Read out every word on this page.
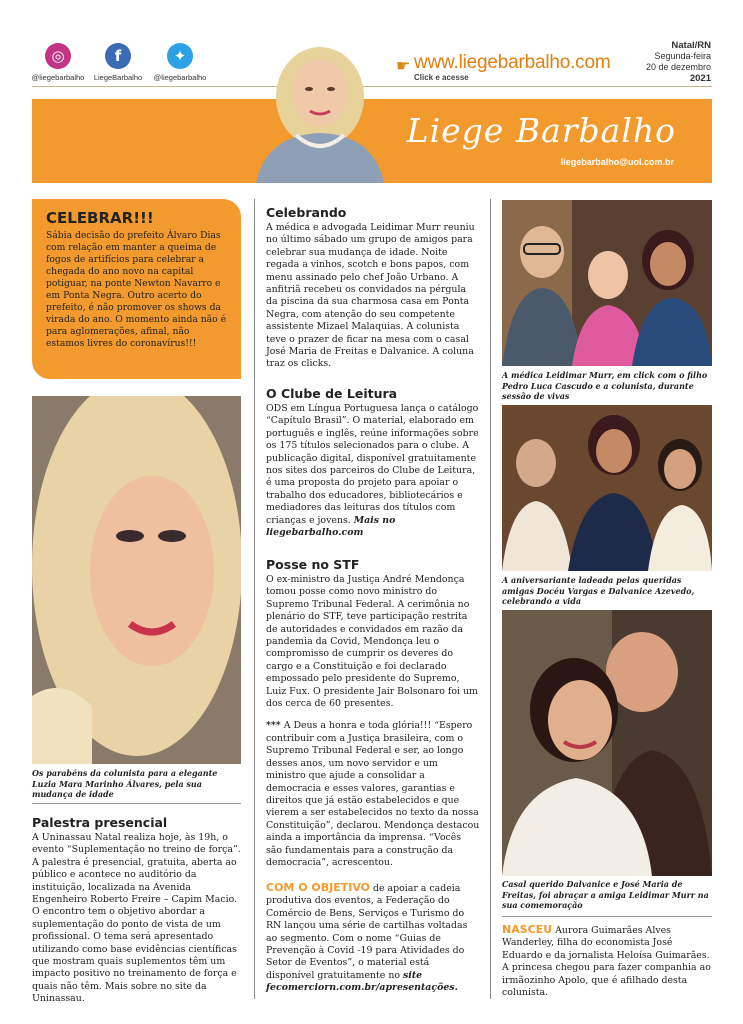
◎
@liegebarbalho
f
LiegeBarbalho
✦
@liegebarbalho
☛ www.liegebarbalho.com
Click e acesse
Natal/RN
Segunda-feira
20 de dezembro
2021
Liege Barbalho
liegebarbalho@uol.com.br
CELEBRAR!!!

Sábia decisão do prefeito Álvaro Dias com relação em manter a queima de fogos de artifícios para celebrar a chegada do ano novo na capital potiguar, na ponte Newton Navarro e em Ponta Negra. Outro acerto do prefeito, é não promover os shows da virada do ano. O momento ainda não é para aglomerações, afinal, não estamos livres do coronavírus!!!

Os parabéns da colunista para a elegante Luzia Mara Marinho Álvares, pela sua mudança de idade
Palestra presencial
A Uninassau Natal realiza hoje, às 19h, o evento “Suplementação no treino de força”. A palestra é presencial, gratuita, aberta ao público e acontece no auditório da instituição, localizada na Avenida Engenheiro Roberto Freire – Capim Macio. O encontro tem o objetivo abordar a suplementação do ponto de vista de um profissional. O tema será apresentado utilizando como base evidências científicas que mostram quais suplementos têm um impacto positivo no treinamento de força e quais não têm. Mais sobre no site da Uninassau.
Celebrando
A médica e advogada Leidimar Murr reuniu no último sábado um grupo de amigos para celebrar sua mudança de idade. Noite regada a vinhos, scotch e bons papos, com menu assinado pelo chef João Urbano. A anfitriã recebeu os convidados na pérgula da piscina da sua charmosa casa em Ponta Negra, com atenção do seu competente assistente Mizael Malaquias. A colunista teve o prazer de ficar na mesa com o casal José Maria de Freitas e Dalvanice. A coluna traz os clicks.
O Clube de Leitura
ODS em Língua Portuguesa lança o catálogo “Capítulo Brasil”. O material, elaborado em português e inglês, reúne informações sobre os 175 títulos selecionados para o clube. A publicação digital, disponível gratuitamente nos sites dos parceiros do Clube de Leitura, é uma proposta do projeto para apoiar o trabalho dos educadores, bibliotecários e mediadores das leituras dos títulos com crianças e jovens. Mais no liegebarbalho.com
Posse no STF
O ex-ministro da Justiça André Mendonça tomou posse como novo ministro do Supremo Tribunal Federal. A cerimônia no plenário do STF, teve participação restrita de autoridades e convidados em razão da pandemia da Covid, Mendonça leu o compromisso de cumprir os deveres do cargo e a Constituição e foi declarado empossado pelo presidente do Supremo, Luiz Fux. O presidente Jair Bolsonaro foi um dos cerca de 60 presentes.
*** A Deus a honra e toda glória!!! “Espero contribuir com a Justiça brasileira, com o Supremo Tribunal Federal e ser, ao longo desses anos, um novo servidor e um ministro que ajude a consolidar a democracia e esses valores, garantias e direitos que já estão estabelecidos e que vierem a ser estabelecidos no texto da nossa Constituição”, declarou. Mendonça destacou ainda a importância da imprensa. “Vocês são fundamentais para a construção da democracia”, acrescentou.
COM O OBJETIVO de apoiar a cadeia produtiva dos eventos, a Federação do Comércio de Bens, Serviços e Turismo do RN lançou uma série de cartilhas voltadas ao segmento. Com o nome “Guias de Prevenção à Covid -19 para Atividades do Setor de Eventos”, o material está disponível gratuitamente no site fecomerciorn.com.br/apresentações.
A médica Leidimar Murr, em click com o filho Pedro Luca Cascudo e a colunista, durante sessão de vivas
A aniversariante ladeada pelas queridas amigas Docéu Vargas e Dalvanice Azevedo, celebrando a vida
Casal querido Dalvanice e José Maria de Freitas, foi abraçar a amiga Leidimar Murr na sua comemoração
NASCEU Aurora Guimarães Alves Wanderley, filha do economista José Eduardo e da jornalista Heloísa Guimarães. A princesa chegou para fazer companhia ao irmãozinho Apolo, que é afilhado desta colunista.
